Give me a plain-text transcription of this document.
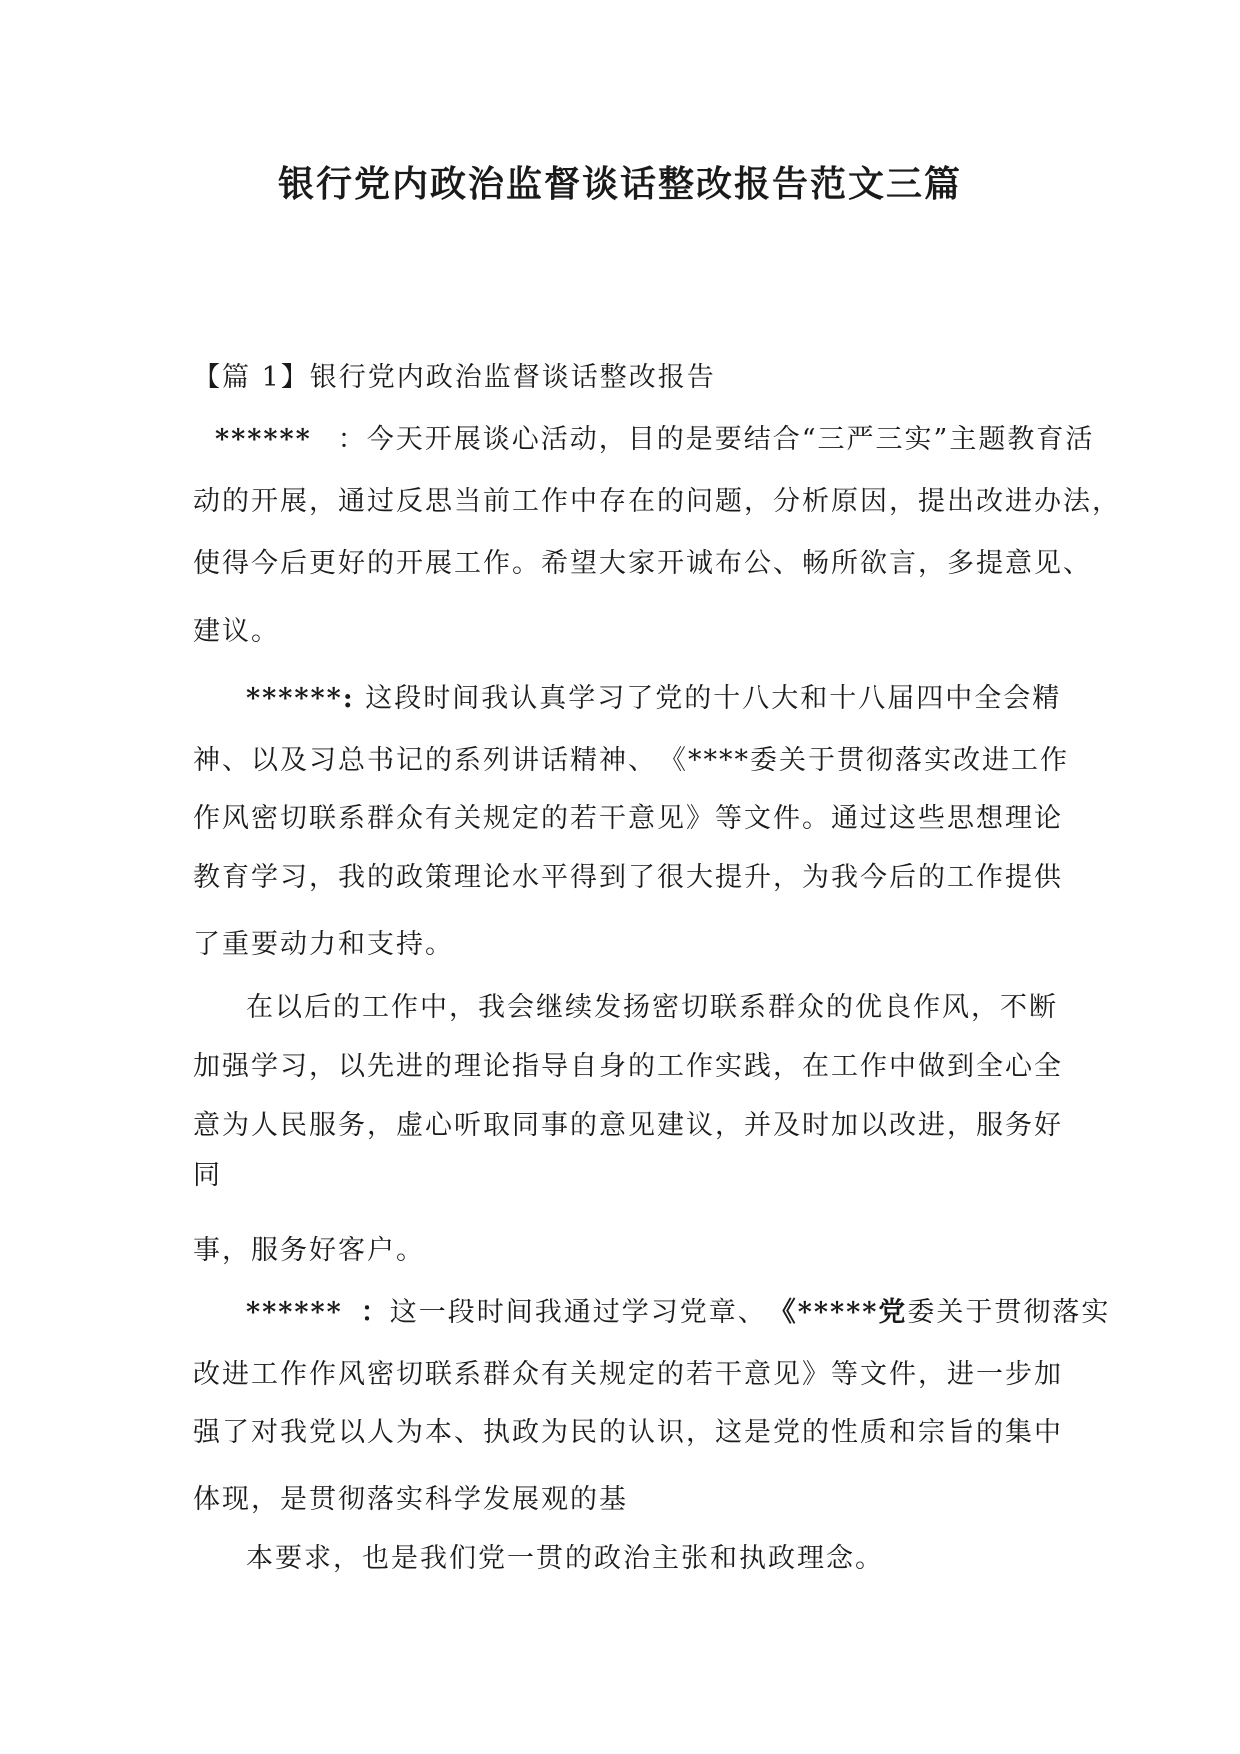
银行党内政治监督谈话整改报告范文三篇
【篇 1】银行党内政治监督谈话整改报告
****** ：今天开展谈心活动，目的是要结合“三严三实”主题教育活
动的开展，通过反思当前工作中存在的问题，分析原因，提出改进办法，
使得今后更好的开展工作。希望大家开诚布公、畅所欲言，多提意见、
建议。
******: 这段时间我认真学习了党的十八大和十八届四中全会精
神、以及习总书记的系列讲话精神、　《****委关于贯彻落实改进工作
作风密切联系群众有关规定的若干意见》等文件。通过这些思想理论
教育学习，我的政策理论水平得到了很大提升，为我今后的工作提供
了重要动力和支持。
在以后的工作中，我会继续发扬密切联系群众的优良作风，不断
加强学习，以先进的理论指导自身的工作实践，在工作中做到全心全
意为人民服务，虚心听取同事的意见建议，并及时加以改进，服务好
同
事，服务好客户。
****** ：这一段时间我通过学习党章、　《*****党委关于贯彻落实
改进工作作风密切联系群众有关规定的若干意见》等文件，进一步加
强了对我党以人为本、执政为民的认识，这是党的性质和宗旨的集中
体现，是贯彻落实科学发展观的基
本要求，也是我们党一贯的政治主张和执政理念。
